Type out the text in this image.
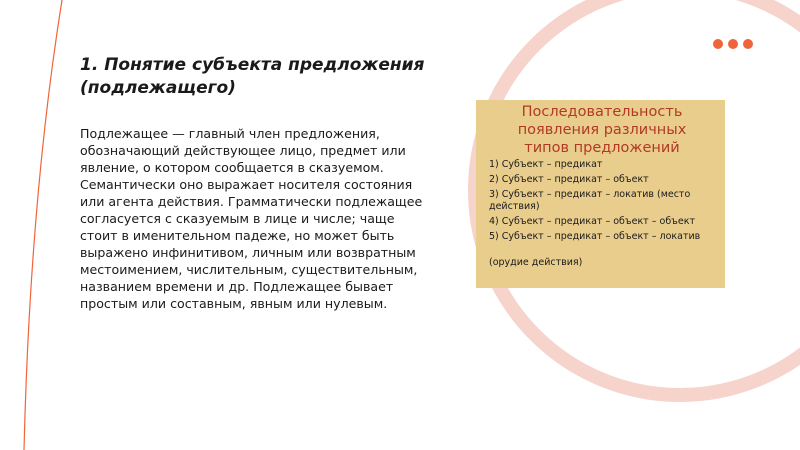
1. Понятие субъекта предложения
(подлежащего)

Подлежащее — главный член предложения, обозначающий действующее лицо, предмет или явление, о котором сообщается в сказуемом. Семантически оно выражает носителя состояния или агента действия. Грамматически подлежащее согласуется с сказуемым в лице и числе; чаще стоит в именительном падеже, но может быть выражено инфинитивом, личным или возвратным местоимением, числительным, существительным, названием времени и др. Подлежащее бывает простым или составным, явным или нулевым.

Последовательность
появления различных
типов предложений
1) Субъект – предикат
2) Субъект – предикат – объект
3) Субъект – предикат – локатив (место действия)
4) Субъект – предикат – объект – объект
5) Субъект – предикат – объект – локатив
(орудие действия)
